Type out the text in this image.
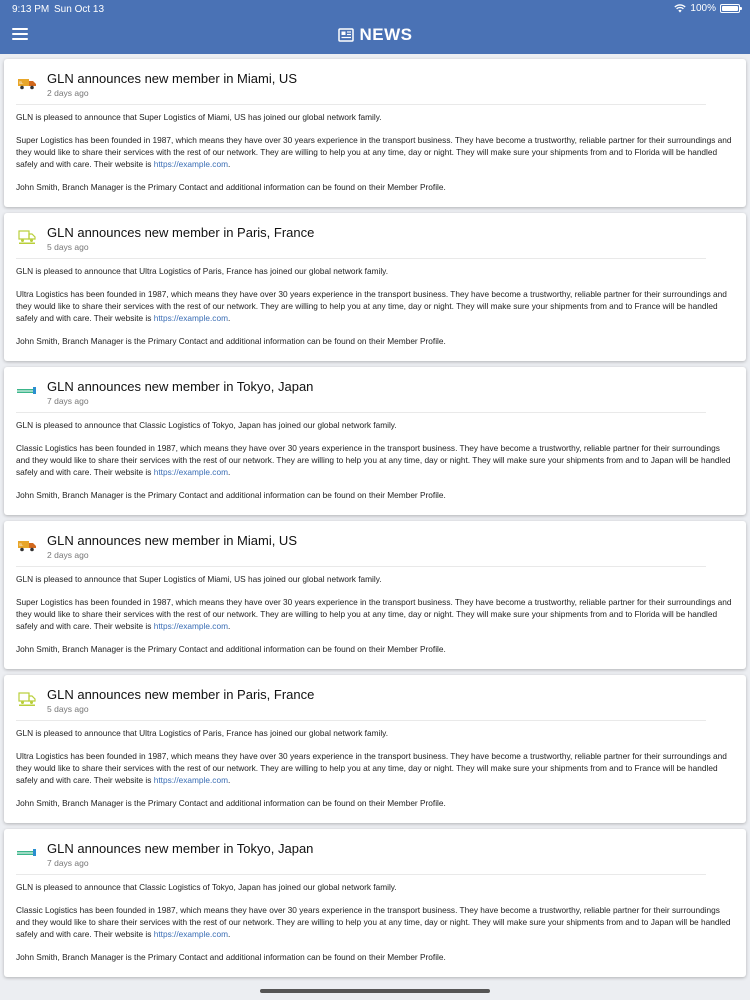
9:13 PM Sun Oct 13	100%
NEWS
SL GLN announces new member in Miami, US
2 days ago

GLN is pleased to announce that Super Logistics of Miami, US has joined our global network family.

Super Logistics has been founded in 1987, which means they have over 30 years experience in the transport business. They have become a trustworthy, reliable partner for their surroundings and they would like to share their services with the rest of our network. They are willing to help you at any time, day or night. They will make sure your shipments from and to Florida will be handled safely and with care. Their website is https://example.com.

John Smith, Branch Manager is the Primary Contact and additional information can be found on their Member Profile.

GLN announces new member in Paris, France
5 days ago

GLN is pleased to announce that Ultra Logistics of Paris, France has joined our global network family.

Ultra Logistics has been founded in 1987, which means they have over 30 years experience in the transport business. They have become a trustworthy, reliable partner for their surroundings and they would like to share their services with the rest of our network. They are willing to help you at any time, day or night. They will make sure your shipments from and to France will be handled safely and with care. Their website is https://example.com.

John Smith, Branch Manager is the Primary Contact and additional information can be found on their Member Profile.

GLN announces new member in Tokyo, Japan
7 days ago

GLN is pleased to announce that Classic Logistics of Tokyo, Japan has joined our global network family.

Classic Logistics has been founded in 1987, which means they have over 30 years experience in the transport business. They have become a trustworthy, reliable partner for their surroundings and they would like to share their services with the rest of our network. They are willing to help you at any time, day or night. They will make sure your shipments from and to Japan will be handled safely and with care. Their website is https://example.com.

John Smith, Branch Manager is the Primary Contact and additional information can be found on their Member Profile.

SL GLN announces new member in Miami, US
2 days ago

GLN is pleased to announce that Super Logistics of Miami, US has joined our global network family.

Super Logistics has been founded in 1987, which means they have over 30 years experience in the transport business. They have become a trustworthy, reliable partner for their surroundings and they would like to share their services with the rest of our network. They are willing to help you at any time, day or night. They will make sure your shipments from and to Florida will be handled safely and with care. Their website is https://example.com.

John Smith, Branch Manager is the Primary Contact and additional information can be found on their Member Profile.

GLN announces new member in Paris, France
5 days ago

GLN is pleased to announce that Ultra Logistics of Paris, France has joined our global network family.

Ultra Logistics has been founded in 1987, which means they have over 30 years experience in the transport business. They have become a trustworthy, reliable partner for their surroundings and they would like to share their services with the rest of our network. They are willing to help you at any time, day or night. They will make sure your shipments from and to France will be handled safely and with care. Their website is https://example.com.

John Smith, Branch Manager is the Primary Contact and additional information can be found on their Member Profile.

GLN announces new member in Tokyo, Japan
7 days ago

GLN is pleased to announce that Classic Logistics of Tokyo, Japan has joined our global network family.

Classic Logistics has been founded in 1987, which means they have over 30 years experience in the transport business. They have become a trustworthy, reliable partner for their surroundings and they would like to share their services with the rest of our network. They are willing to help you at any time, day or night. They will make sure your shipments from and to Japan will be handled safely and with care. Their website is https://example.com.

John Smith, Branch Manager is the Primary Contact and additional information can be found on their Member Profile.
